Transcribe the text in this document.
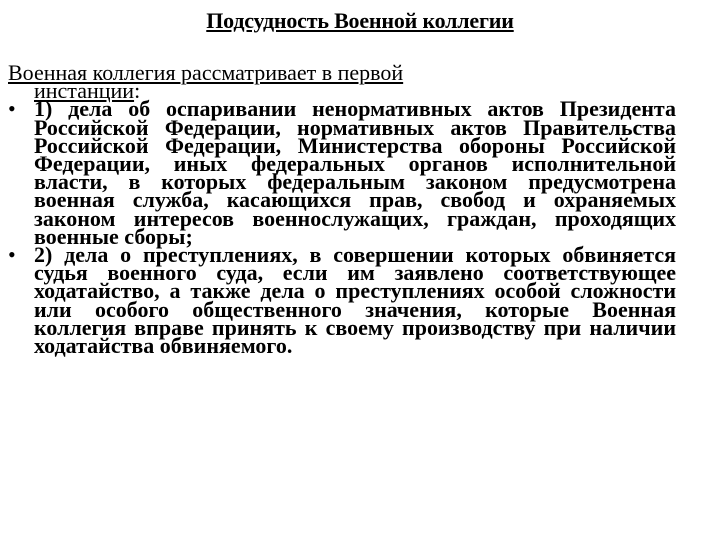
Подсудность Военной коллегии

Военная коллегия рассматривает в первой
инстанции:

• 1) дела об оспаривании ненормативных актов Президента Российской Федерации, нормативных актов Правительства Российской Федерации, Министерства обороны Российской Федерации, иных федеральных органов исполнительной власти, в которых федеральным законом предусмотрена военная служба, касающихся прав, свобод и охраняемых законом интересов военнослужащих, граждан, проходящих военные сборы;
• 2) дела о преступлениях, в совершении которых обвиняется судья военного суда, если им заявлено соответствующее ходатайство, а также дела о преступлениях особой сложности или особого общественного значения, которые Военная коллегия вправе принять к своему производству при наличии ходатайства обвиняемого.
